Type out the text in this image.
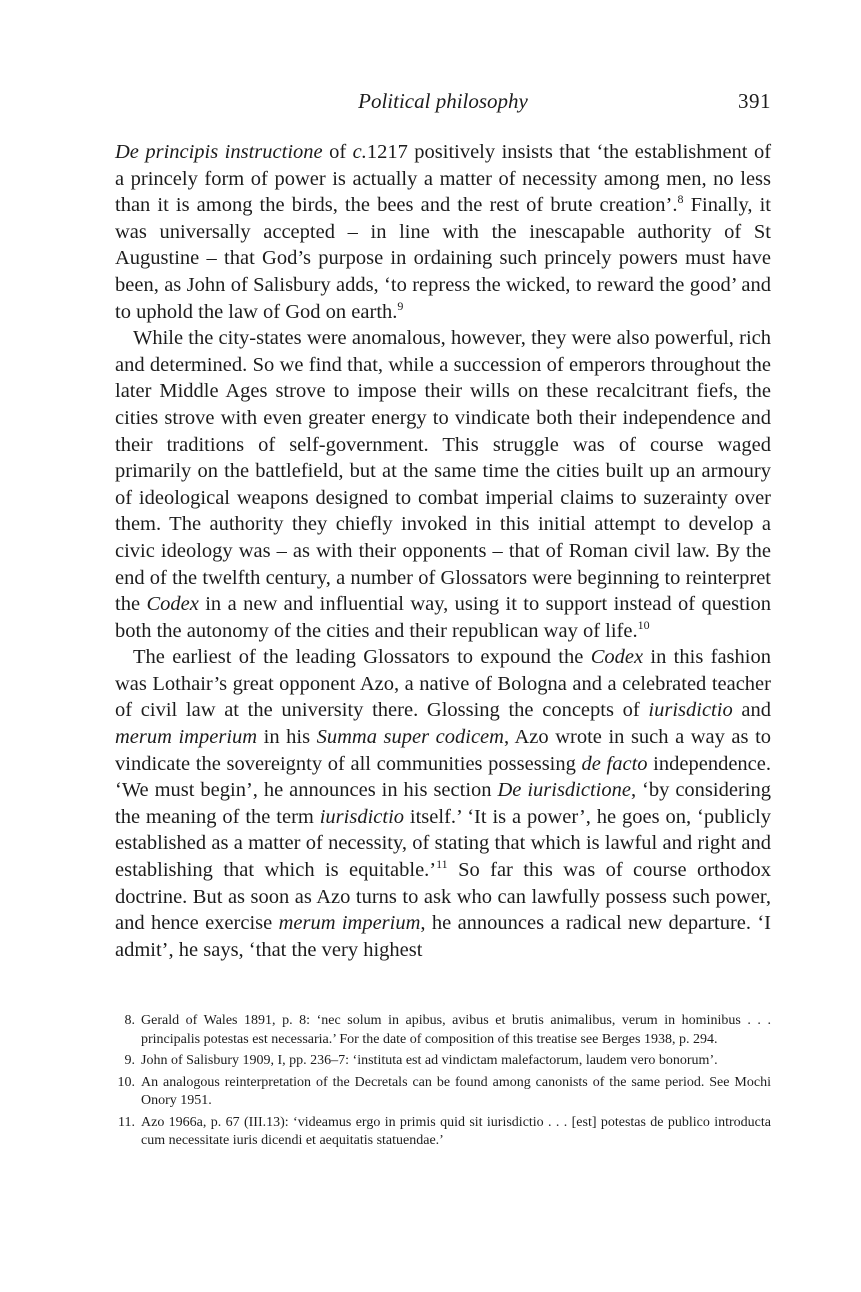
Political philosophy	391

De principis instructione of c.1217 positively insists that ‘the establishment of a princely form of power is actually a matter of necessity among men, no less than it is among the birds, the bees and the rest of brute creation’.$^8$ Finally, it was universally accepted – in line with the inescapable authority of St Augustine – that God’s purpose in ordaining such princely powers must have been, as John of Salisbury adds, ‘to repress the wicked, to reward the good’ and to uphold the law of God on earth.$^9$

While the city-states were anomalous, however, they were also powerful, rich and determined. So we find that, while a succession of emperors throughout the later Middle Ages strove to impose their wills on these recalcitrant fiefs, the cities strove with even greater energy to vindicate both their independence and their traditions of self-government. This struggle was of course waged primarily on the battlefield, but at the same time the cities built up an armoury of ideological weapons designed to combat imperial claims to suzerainty over them. The authority they chiefly invoked in this initial attempt to develop a civic ideology was – as with their opponents – that of Roman civil law. By the end of the twelfth century, a number of Glossators were beginning to reinterpret the Codex in a new and influential way, using it to support instead of question both the autonomy of the cities and their republican way of life.$^{10}$

The earliest of the leading Glossators to expound the Codex in this fashion was Lothair’s great opponent Azo, a native of Bologna and a celebrated teacher of civil law at the university there. Glossing the concepts of iurisdictio and merum imperium in his Summa super codicem, Azo wrote in such a way as to vindicate the sovereignty of all communities possessing de facto independence. ‘We must begin’, he announces in his section De iurisdictione, ‘by considering the meaning of the term iurisdictio itself.’ ‘It is a power’, he goes on, ‘publicly established as a matter of necessity, of stating that which is lawful and right and establishing that which is equitable.’$^{11}$ So far this was of course orthodox doctrine. But as soon as Azo turns to ask who can lawfully possess such power, and hence exercise merum imperium, he announces a radical new departure. ‘I admit’, he says, ‘that the very highest

8. Gerald of Wales 1891, p. 8: ‘nec solum in apibus, avibus et brutis animalibus, verum in hominibus . . . principalis potestas est necessaria.’ For the date of composition of this treatise see Berges 1938, p. 294.
9. John of Salisbury 1909, I, pp. 236–7: ‘instituta est ad vindictam malefactorum, laudem vero bonorum’.
10. An analogous reinterpretation of the Decretals can be found among canonists of the same period. See Mochi Onory 1951.
11. Azo 1966a, p. 67 (III.13): ‘videamus ergo in primis quid sit iurisdictio . . . [est] potestas de publico introducta cum necessitate iuris dicendi et aequitatis statuendae.’
